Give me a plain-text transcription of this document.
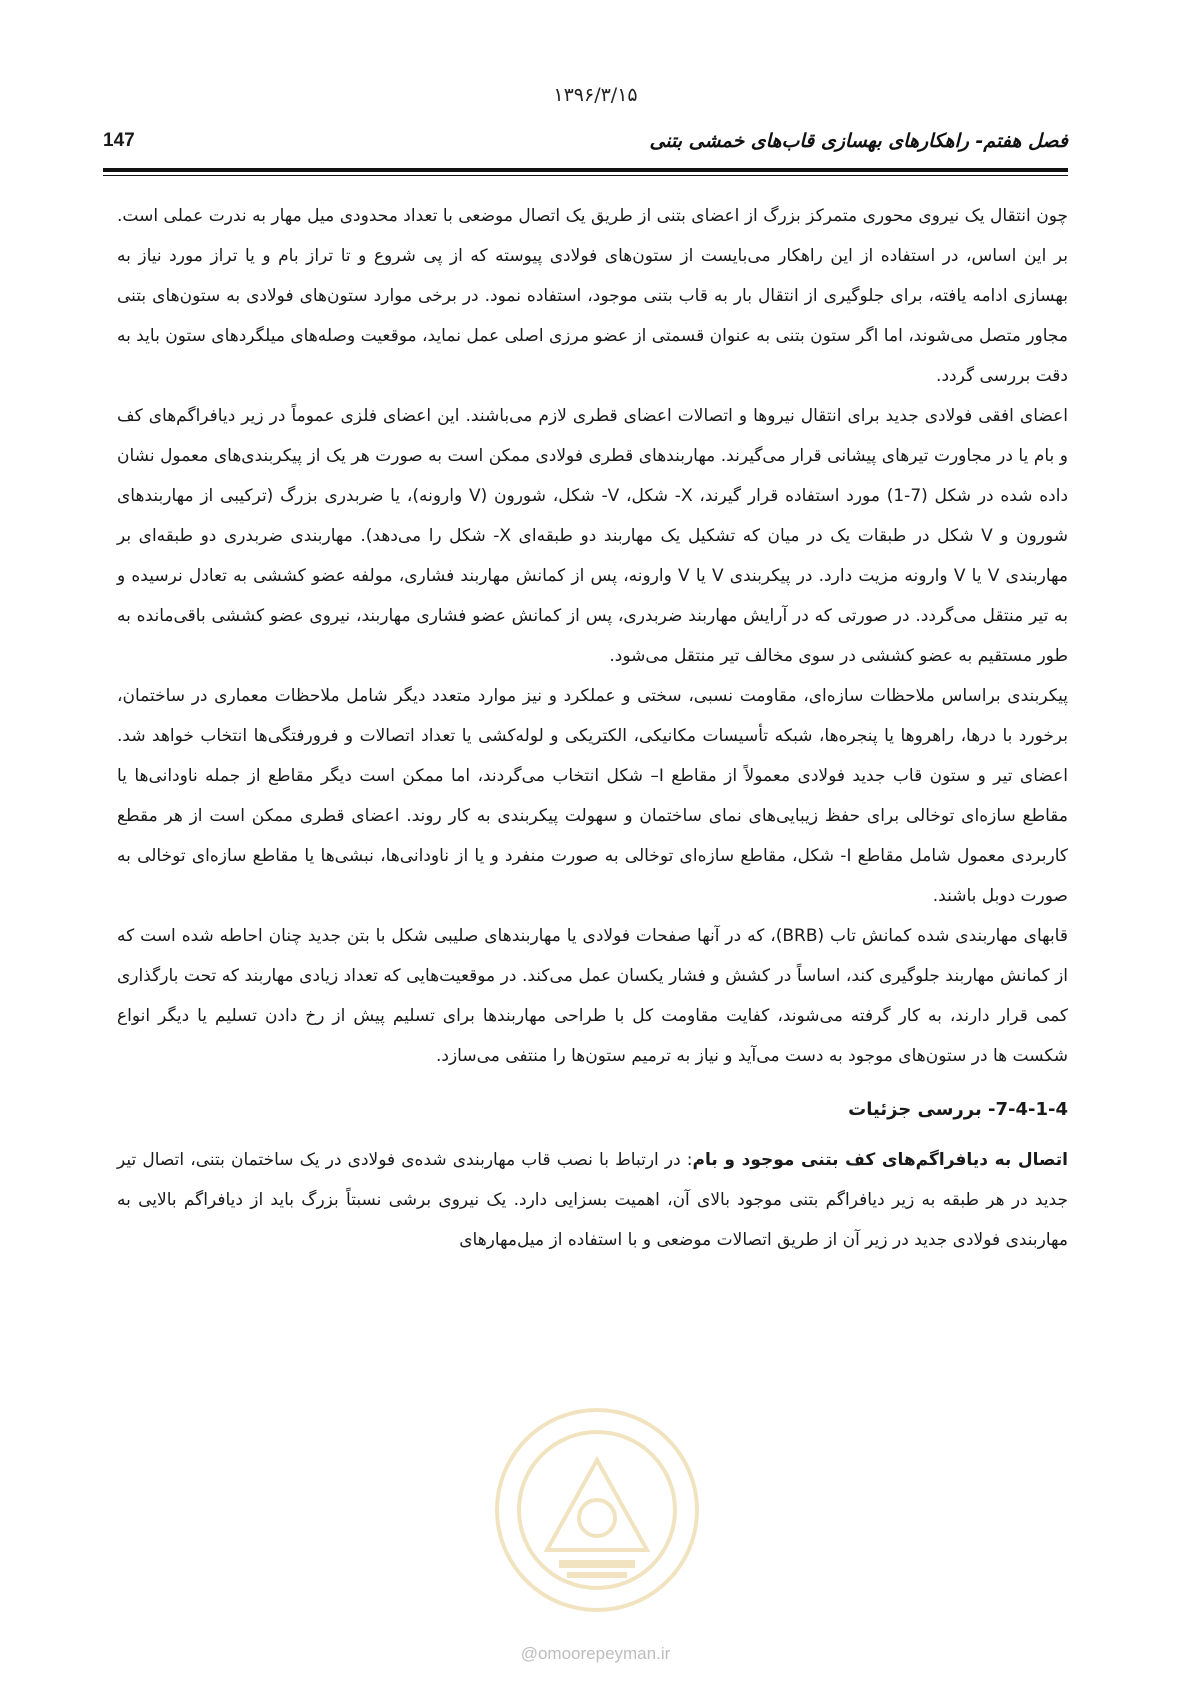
۱۳۹۶/۳/۱۵
فصل هفتم- راهکارهای بهسازی قاب‌های خمشی بتنی
147

چون انتقال یک نیروی محوری متمرکز بزرگ از اعضای بتنی از طریق یک اتصال موضعی با تعداد محدودی میل مهار به ندرت عملی است. بر این اساس، در استفاده از این راهکار می‌بایست از ستون‌های فولادی پیوسته که از پی شروع و تا تراز بام و یا تراز مورد نیاز به بهسازی ادامه یافته، برای جلوگیری از انتقال بار به قاب بتنی موجود، استفاده نمود. در برخی موارد ستون‌های فولادی به ستون‌های بتنی مجاور متصل می‌شوند، اما اگر ستون بتنی به عنوان قسمتی از عضو مرزی اصلی عمل نماید، موقعیت وصله‌های میلگردهای ستون باید به دقت بررسی گردد.

اعضای افقی فولادی جدید برای انتقال نیروها و اتصالات اعضای قطری لازم می‌باشند. این اعضای فلزی عموماً در زیر دیافراگم‌های کف و بام یا در مجاورت تیرهای پیشانی قرار می‌گیرند. مهاربندهای قطری فولادی ممکن است به صورت هر یک از پیکربندی‌های معمول نشان داده شده در شکل (7-1) مورد استفاده قرار گیرند، X- شکل، V- شکل، شورون (V وارونه)، یا ضربدری بزرگ (ترکیبی از مهاربندهای شورون و V شکل در طبقات یک در میان که تشکیل یک مهاربند دو طبقه‌ای X- شکل را می‌دهد). مهاربندی ضربدری دو طبقه‌ای بر مهاربندی V یا V وارونه مزیت دارد. در پیکربندی V یا V وارونه، پس از کمانش مهاربند فشاری، مولفه عضو کششی به تعادل نرسیده و به تیر منتقل می‌گردد. در صورتی که در آرایش مهاربند ضربدری، پس از کمانش عضو فشاری مهاربند، نیروی عضو کششی باقی‌مانده به طور مستقیم به عضو کششی در سوی مخالف تیر منتقل می‌شود.

پیکربندی براساس ملاحظات سازه‌ای، مقاومت نسبی، سختی و عملکرد و نیز موارد متعدد دیگر شامل ملاحظات معماری در ساختمان، برخورد با درها، راهروها یا پنجره‌ها، شبکه تأسیسات مکانیکی، الکتریکی و لوله‌کشی یا تعداد اتصالات و فرورفتگی‌ها انتخاب خواهد شد. اعضای تیر و ستون قاب جدید فولادی معمولاً از مقاطع I– شکل انتخاب می‌گردند، اما ممکن است دیگر مقاطع از جمله ناودانی‌ها یا مقاطع سازه‌ای توخالی برای حفظ زیبایی‌های نمای ساختمان و سهولت پیکربندی به کار روند. اعضای قطری ممکن است از هر مقطع کاربردی معمول شامل مقاطع I- شکل، مقاطع سازه‌ای توخالی به صورت منفرد و یا از ناودانی‌ها، نبشی‌ها یا مقاطع سازه‌ای توخالی به صورت دوبل باشند.

قابهای مهاربندی شده کمانش تاب (BRB)، که در آنها صفحات فولادی یا مهاربندهای صلیبی شکل با بتن جدید چنان احاطه شده است که از کمانش مهاربند جلوگیری کند، اساساً در کشش و فشار یکسان عمل می‌کند. در موقعیت‌هایی که تعداد زیادی مهاربند که تحت بارگذاری کمی قرار دارند، به کار گرفته می‌شوند، کفایت مقاومت کل با طراحی مهاربندها برای تسلیم پیش از رخ دادن تسلیم یا دیگر انواع شکست ها در ستون‌های موجود به دست می‌آید و نیاز به ترمیم ستون‌ها را منتفی می‌سازد.

7-4-1-4- بررسی جزئیات

اتصال به دیافراگم‌های کف بتنی موجود و بام: در ارتباط با نصب قاب مهاربندی شده‌ی فولادی در یک ساختمان بتنی، اتصال تیر جدید در هر طبقه به زیر دیافراگم بتنی موجود بالای آن، اهمیت بسزایی دارد. یک نیروی برشی نسبتاً بزرگ باید از دیافراگم بالایی به مهاربندی فولادی جدید در زیر آن از طریق اتصالات موضعی و با استفاده از میل‌مهارهای

@omoorepeyman.ir
